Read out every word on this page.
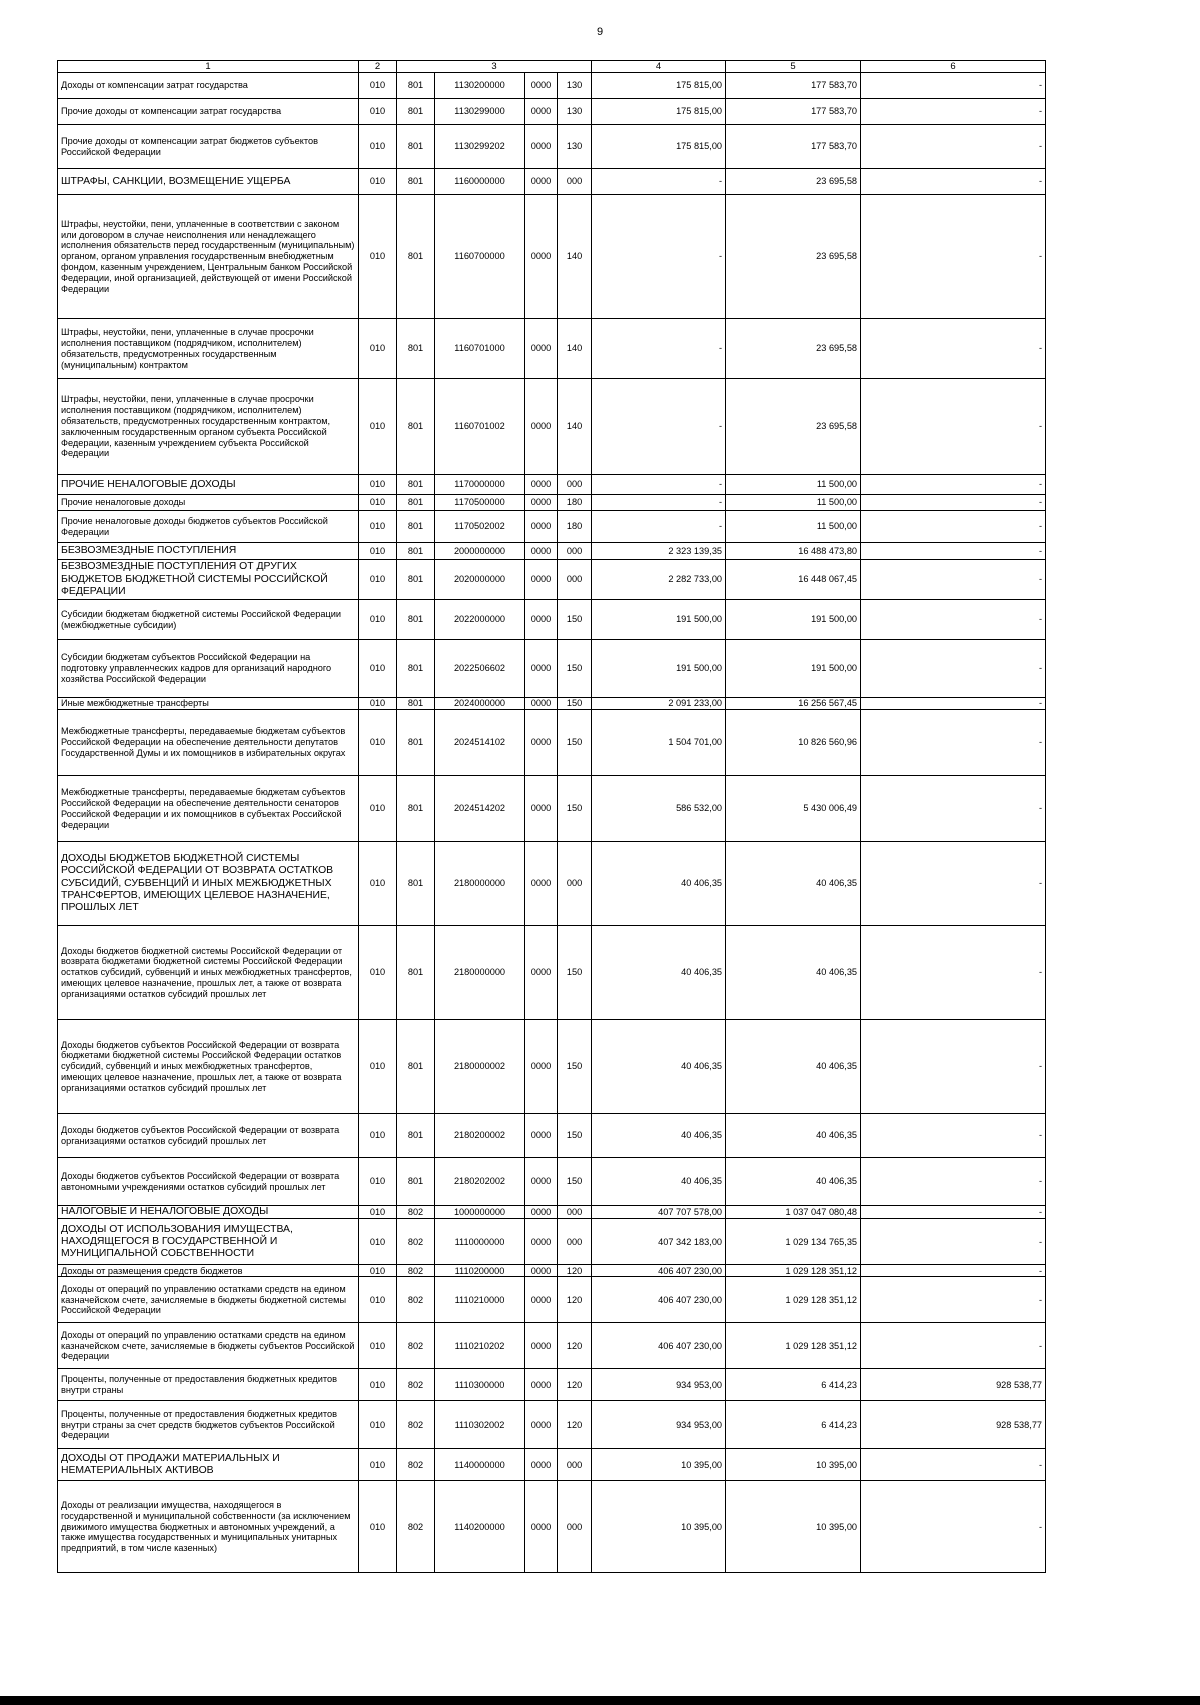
9
1	2	3				4	5	6
Доходы от компенсации затрат государства	010	801	1130200000	0000	130	175 815,00	177 583,70	-
Прочие доходы от компенсации затрат государства	010	801	1130299000	0000	130	175 815,00	177 583,70	-
Прочие доходы от компенсации затрат бюджетов субъектов Российской Федерации	010	801	1130299202	0000	130	175 815,00	177 583,70	-
ШТРАФЫ, САНКЦИИ, ВОЗМЕЩЕНИЕ УЩЕРБА	010	801	1160000000	0000	000	-	23 695,58	-
Штрафы, неустойки, пени, уплаченные в соответствии с законом или договором в случае неисполнения или ненадлежащего исполнения обязательств перед государственным (муниципальным) органом, органом управления государственным внебюджетным фондом, казенным учреждением, Центральным банком Российской Федерации, иной организацией, действующей от имени Российской Федерации	010	801	1160700000	0000	140	-	23 695,58	-
Штрафы, неустойки, пени, уплаченные в случае просрочки исполнения поставщиком (подрядчиком, исполнителем) обязательств, предусмотренных государственным (муниципальным) контрактом	010	801	1160701000	0000	140	-	23 695,58	-
Штрафы, неустойки, пени, уплаченные в случае просрочки исполнения поставщиком (подрядчиком, исполнителем) обязательств, предусмотренных государственным контрактом, заключенным государственным органом субъекта Российской Федерации, казенным учреждением субъекта Российской Федерации	010	801	1160701002	0000	140	-	23 695,58	-
ПРОЧИЕ НЕНАЛОГОВЫЕ ДОХОДЫ	010	801	1170000000	0000	000	-	11 500,00	-
Прочие неналоговые доходы	010	801	1170500000	0000	180	-	11 500,00	-
Прочие неналоговые доходы бюджетов субъектов Российской Федерации	010	801	1170502002	0000	180	-	11 500,00	-
БЕЗВОЗМЕЗДНЫЕ ПОСТУПЛЕНИЯ	010	801	2000000000	0000	000	2 323 139,35	16 488 473,80	-
БЕЗВОЗМЕЗДНЫЕ ПОСТУПЛЕНИЯ ОТ ДРУГИХ БЮДЖЕТОВ БЮДЖЕТНОЙ СИСТЕМЫ РОССИЙСКОЙ ФЕДЕРАЦИИ	010	801	2020000000	0000	000	2 282 733,00	16 448 067,45	-
Субсидии бюджетам бюджетной системы Российской Федерации (межбюджетные субсидии)	010	801	2022000000	0000	150	191 500,00	191 500,00	-
Субсидии бюджетам субъектов Российской Федерации на подготовку управленческих кадров для организаций народного хозяйства Российской Федерации	010	801	2022506602	0000	150	191 500,00	191 500,00	-
Иные межбюджетные трансферты	010	801	2024000000	0000	150	2 091 233,00	16 256 567,45	-
Межбюджетные трансферты, передаваемые бюджетам субъектов Российской Федерации на обеспечение деятельности депутатов Государственной Думы и их помощников в избирательных округах	010	801	2024514102	0000	150	1 504 701,00	10 826 560,96	-
Межбюджетные трансферты, передаваемые бюджетам субъектов Российской Федерации на обеспечение деятельности сенаторов Российской Федерации и их помощников в субъектах Российской Федерации	010	801	2024514202	0000	150	586 532,00	5 430 006,49	-
ДОХОДЫ БЮДЖЕТОВ БЮДЖЕТНОЙ СИСТЕМЫ РОССИЙСКОЙ ФЕДЕРАЦИИ ОТ ВОЗВРАТА ОСТАТКОВ СУБСИДИЙ, СУБВЕНЦИЙ И ИНЫХ МЕЖБЮДЖЕТНЫХ ТРАНСФЕРТОВ, ИМЕЮЩИХ ЦЕЛЕВОЕ НАЗНАЧЕНИЕ, ПРОШЛЫХ ЛЕТ	010	801	2180000000	0000	000	40 406,35	40 406,35	-
Доходы бюджетов бюджетной системы Российской Федерации от возврата бюджетами бюджетной системы Российской Федерации остатков субсидий, субвенций и иных межбюджетных трансфертов, имеющих целевое назначение, прошлых лет, а также от возврата организациями остатков субсидий прошлых лет	010	801	2180000000	0000	150	40 406,35	40 406,35	-
Доходы бюджетов субъектов Российской Федерации от возврата бюджетами бюджетной системы Российской Федерации остатков субсидий, субвенций и иных межбюджетных трансфертов, имеющих целевое назначение, прошлых лет, а также от возврата организациями остатков субсидий прошлых лет	010	801	2180000002	0000	150	40 406,35	40 406,35	-
Доходы бюджетов субъектов Российской Федерации от возврата организациями остатков субсидий прошлых лет	010	801	2180200002	0000	150	40 406,35	40 406,35	-
Доходы бюджетов субъектов Российской Федерации от возврата автономными учреждениями остатков субсидий прошлых лет	010	801	2180202002	0000	150	40 406,35	40 406,35	-
НАЛОГОВЫЕ И НЕНАЛОГОВЫЕ ДОХОДЫ	010	802	1000000000	0000	000	407 707 578,00	1 037 047 080,48	-
ДОХОДЫ ОТ ИСПОЛЬЗОВАНИЯ ИМУЩЕСТВА, НАХОДЯЩЕГОСЯ В ГОСУДАРСТВЕННОЙ И МУНИЦИПАЛЬНОЙ СОБСТВЕННОСТИ	010	802	1110000000	0000	000	407 342 183,00	1 029 134 765,35	-
Доходы от размещения средств бюджетов	010	802	1110200000	0000	120	406 407 230,00	1 029 128 351,12	-
Доходы от операций по управлению остатками средств на едином казначейском счете, зачисляемые в бюджеты бюджетной системы Российской Федерации	010	802	1110210000	0000	120	406 407 230,00	1 029 128 351,12	-
Доходы от операций по управлению остатками средств на едином казначейском счете, зачисляемые в бюджеты субъектов Российской Федерации	010	802	1110210202	0000	120	406 407 230,00	1 029 128 351,12	-
Проценты, полученные от предоставления бюджетных кредитов внутри страны	010	802	1110300000	0000	120	934 953,00	6 414,23	928 538,77
Проценты, полученные от предоставления бюджетных кредитов внутри страны за счет средств бюджетов субъектов Российской Федерации	010	802	1110302002	0000	120	934 953,00	6 414,23	928 538,77
ДОХОДЫ ОТ ПРОДАЖИ МАТЕРИАЛЬНЫХ И НЕМАТЕРИАЛЬНЫХ АКТИВОВ	010	802	1140000000	0000	000	10 395,00	10 395,00	-
Доходы от реализации имущества, находящегося в государственной и муниципальной собственности (за исключением движимого имущества бюджетных и автономных учреждений, а также имущества государственных и муниципальных унитарных предприятий, в том числе казенных)	010	802	1140200000	0000	000	10 395,00	10 395,00	-
